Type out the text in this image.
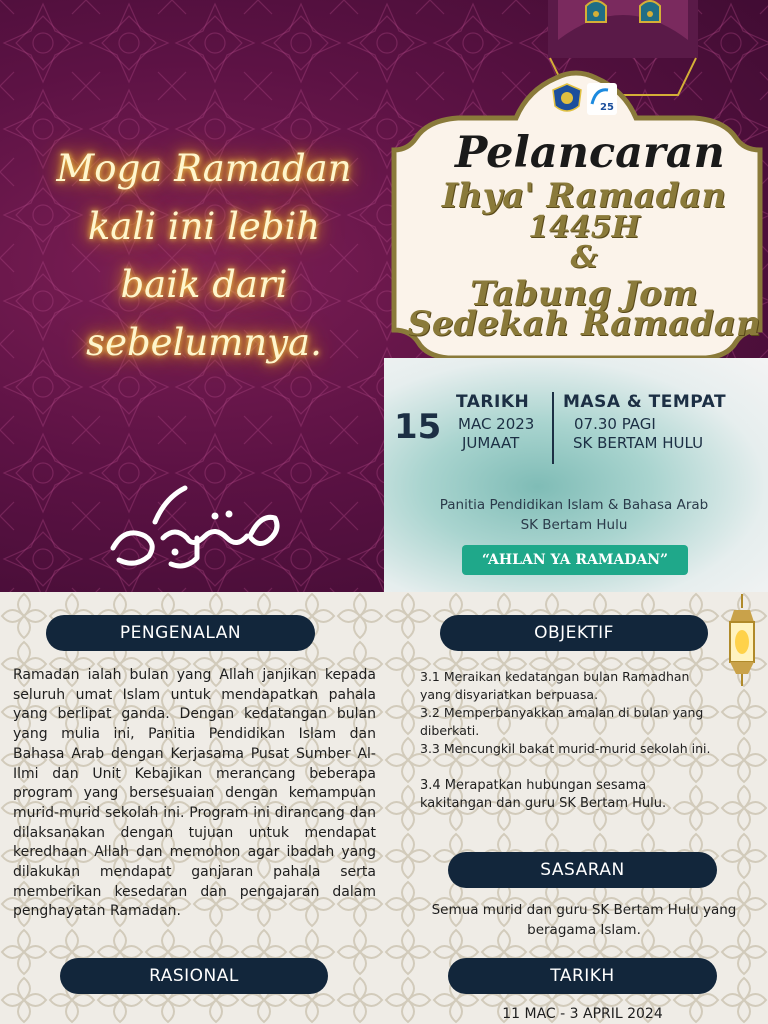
Moga Ramadan
kali ini lebih
baik dari
sebelumnya.
25
Pelancaran
Ihya' Ramadan
1445H
&
Tabung Jom
Sedekah Ramadan
15
TARIKH
MAC 2023
JUMAAT
MASA & TEMPAT
07.30 PAGI
SK BERTAM HULU
Panitia Pendidikan Islam & Bahasa Arab
SK Bertam Hulu
“AHLAN YA RAMADAN”
PENGENALAN	OBJEKTIF
Ramadan ialah bulan yang Allah janjikan kepada seluruh umat Islam untuk mendapatkan pahala yang berlipat ganda. Dengan kedatangan bulan yang mulia ini, Panitia Pendidikan Islam dan Bahasa Arab dengan Kerjasama Pusat Sumber Al-Ilmi dan Unit Kebajikan merancang beberapa program yang bersesuaian dengan kemampuan murid-murid sekolah ini. Program ini dirancang dan dilaksanakan dengan tujuan untuk mendapat keredhaan Allah dan memohon agar ibadah yang dilakukan mendapat ganjaran pahala serta memberikan kesedaran dan pengajaran dalam penghayatan Ramadan.
3.1 Meraikan kedatangan bulan Ramadhan yang disyariatkan berpuasa.
3.2 Memperbanyakkan amalan di bulan yang diberkati.
3.3 Mencungkil bakat murid-murid sekolah ini.
3.4 Merapatkan hubungan sesama kakitangan dan guru SK Bertam Hulu.
SASARAN
Semua murid dan guru SK Bertam Hulu yang beragama Islam.
RASIONAL	TARIKH
11 MAC - 3 APRIL 2024
